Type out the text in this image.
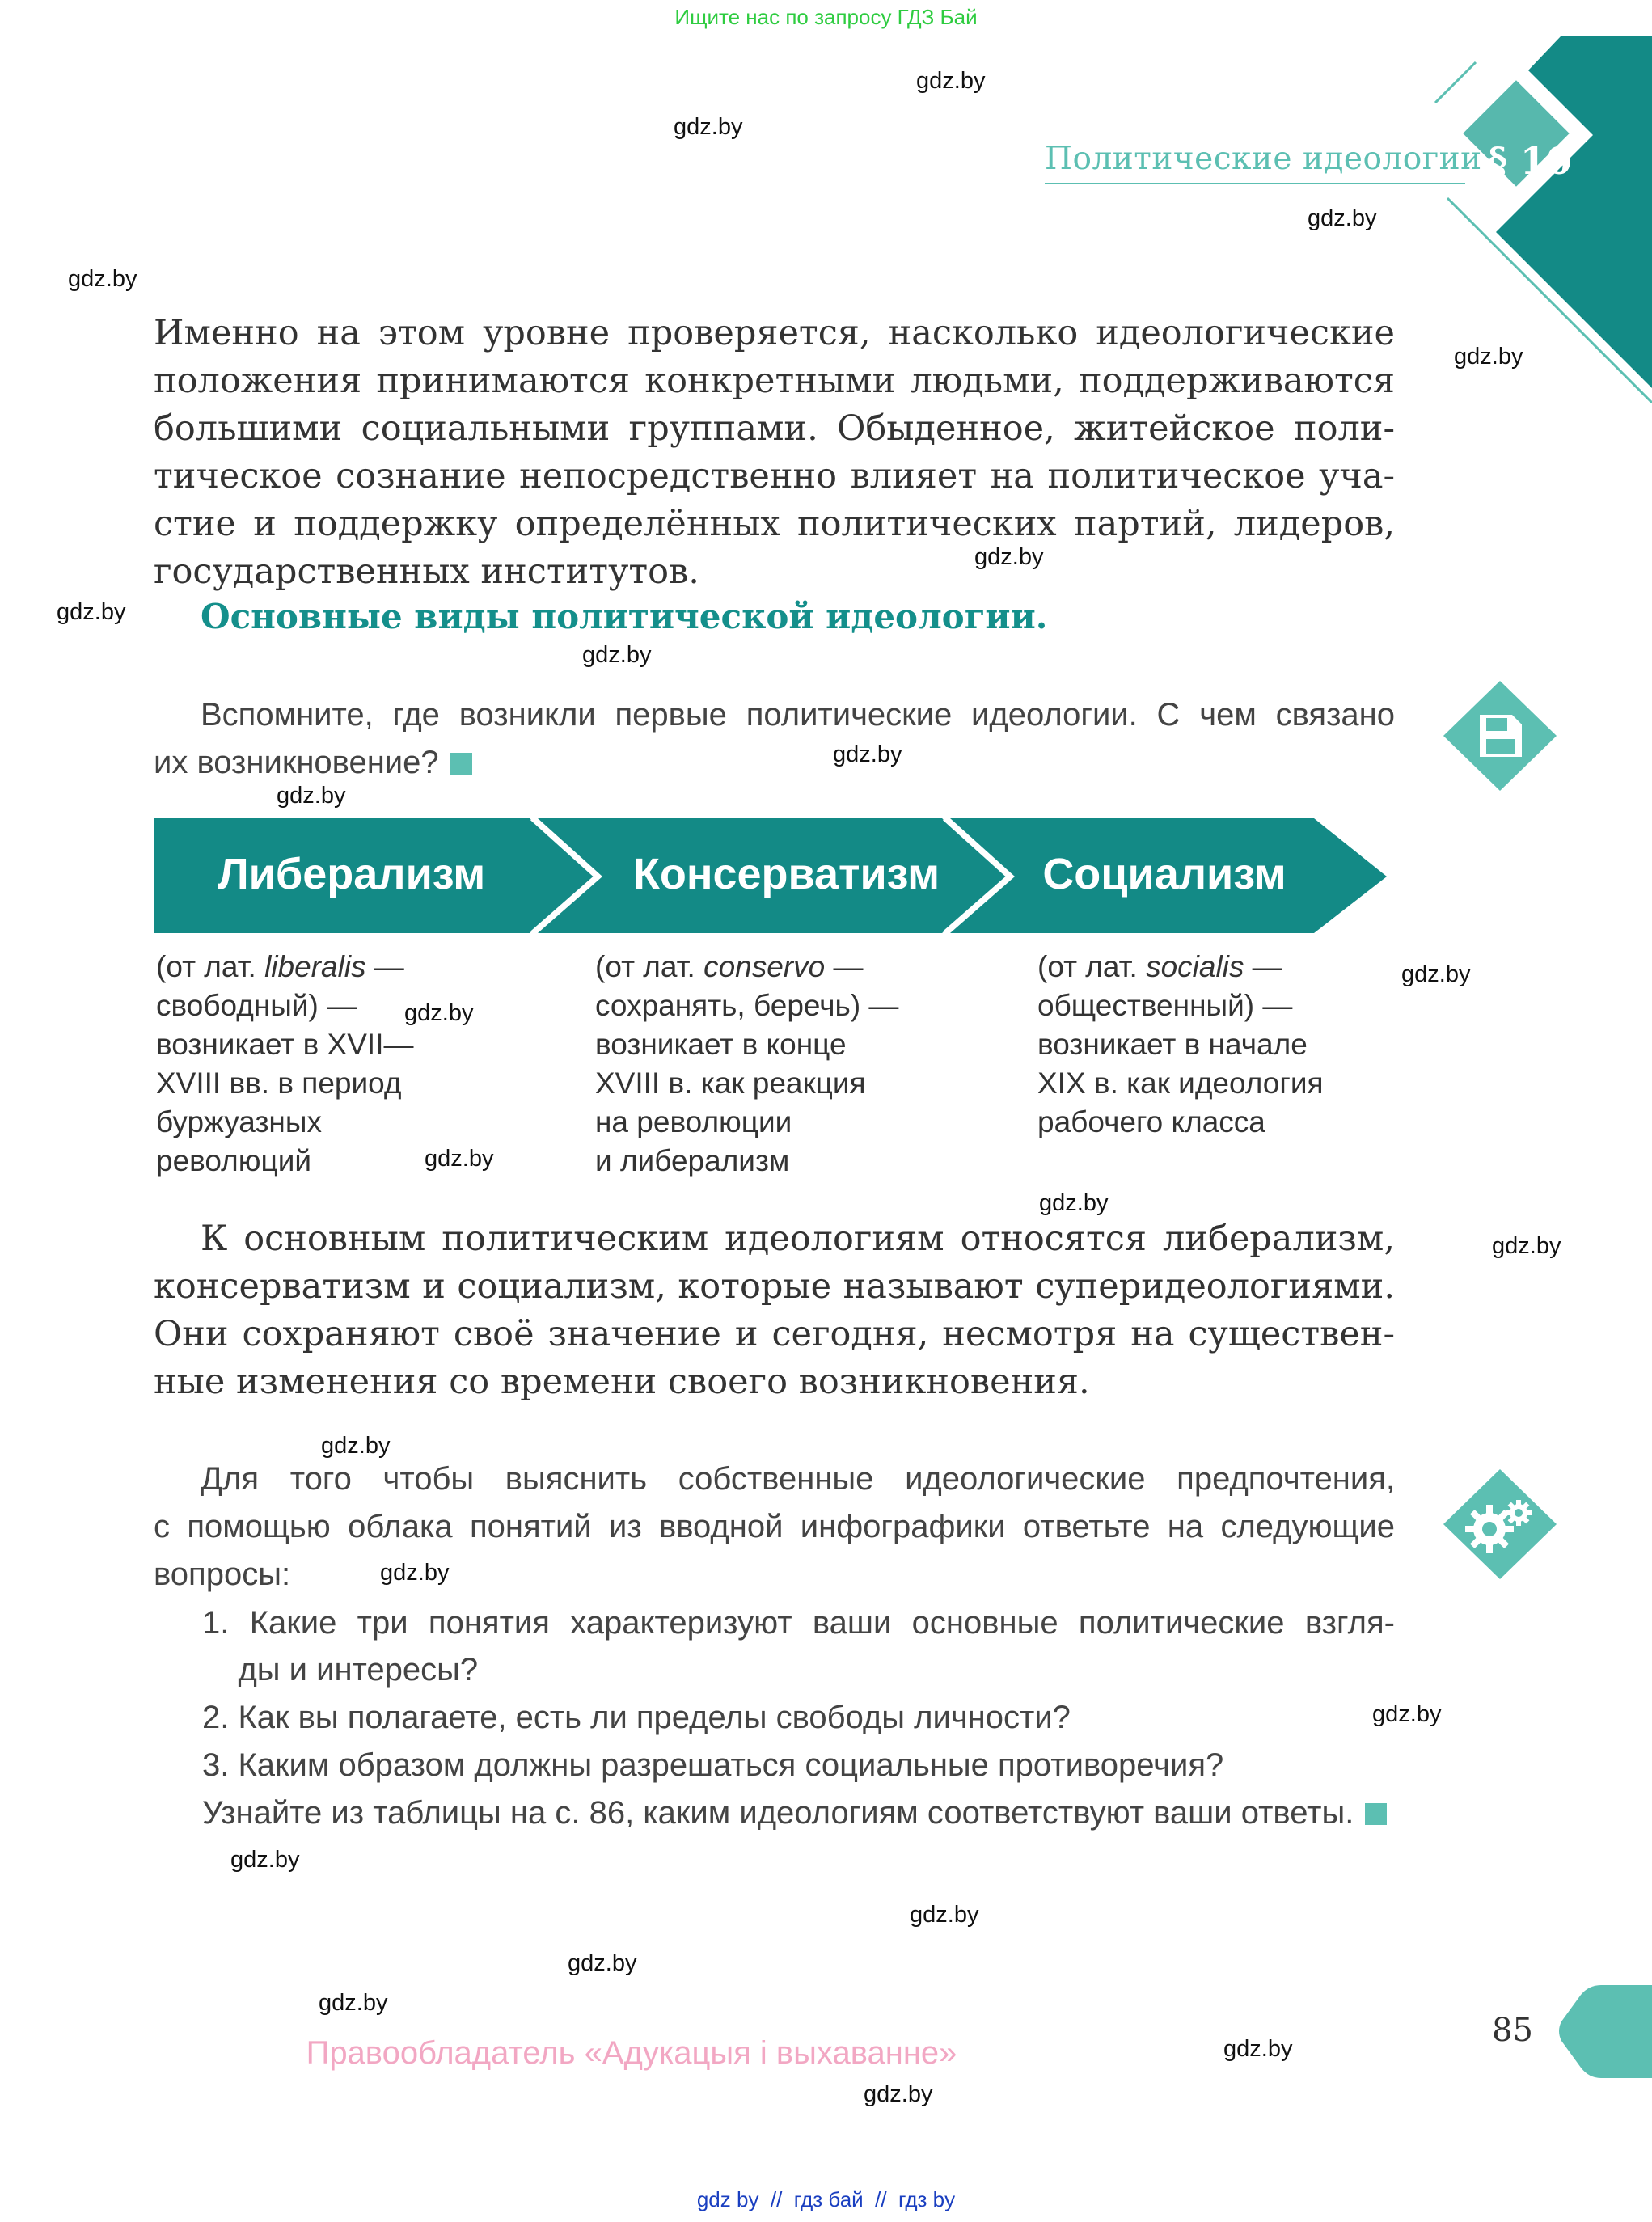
Ищите нас по запросу ГДЗ Бай
Политические идеологии § 10
gdz.by
gdz.by
gdz.by
gdz.by
gdz.by
gdz.by
gdz.by
gdz.by
gdz.by
gdz.by
gdz.by
gdz.by
gdz.by
gdz.by
gdz.by
gdz.by
gdz.by
gdz.by
gdz.by
gdz.by
gdz.by
gdz.by
gdz.by
gdz.by
Именно на этом уровне проверяется, насколько идеологические
положения принимаются конкретными людьми, поддерживаются
большими социальными группами. Обыденное, житейское поли-
тическое сознание непосредственно влияет на политическое уча-
стие и поддержку определённых политических партий, лидеров,
государственных институтов.
Основные виды политической идеологии.
Вспомните, где возникли первые политические идеологии. С чем связано
их возникновение?
Либерализм	Консерватизм	Социализм
(от лат. liberalis —
свободный) —
возникает в XVII—
XVIII вв. в период
буржуазных
революций
(от лат. conservo —
сохранять, беречь) —
возникает в конце
XVIII в. как реакция
на революции
и либерализм
(от лат. socialis —
общественный) —
возникает в начале
XIX в. как идеология
рабочего класса
К основным политическим идеологиям относятся либерализм,
консерватизм и социализм, которые называют суперидеологиями.
Они сохраняют своё значение и сегодня, несмотря на существен-
ные изменения со времени своего возникновения.
Для того чтобы выяснить собственные идеологические предпочтения,
с помощью облака понятий из вводной инфографики ответьте на следующие
вопросы:
1. Какие три понятия характеризуют ваши основные политические взгля-
ды и интересы?
2. Как вы полагаете, есть ли пределы свободы личности?
3. Каким образом должны разрешаться социальные противоречия?
Узнайте из таблицы на с. 86, каким идеологиям соответствуют ваши ответы.
85
Правообладатель «Адукацыя і выхаванне»
gdz by  //  гдз бай  //  гдз by
